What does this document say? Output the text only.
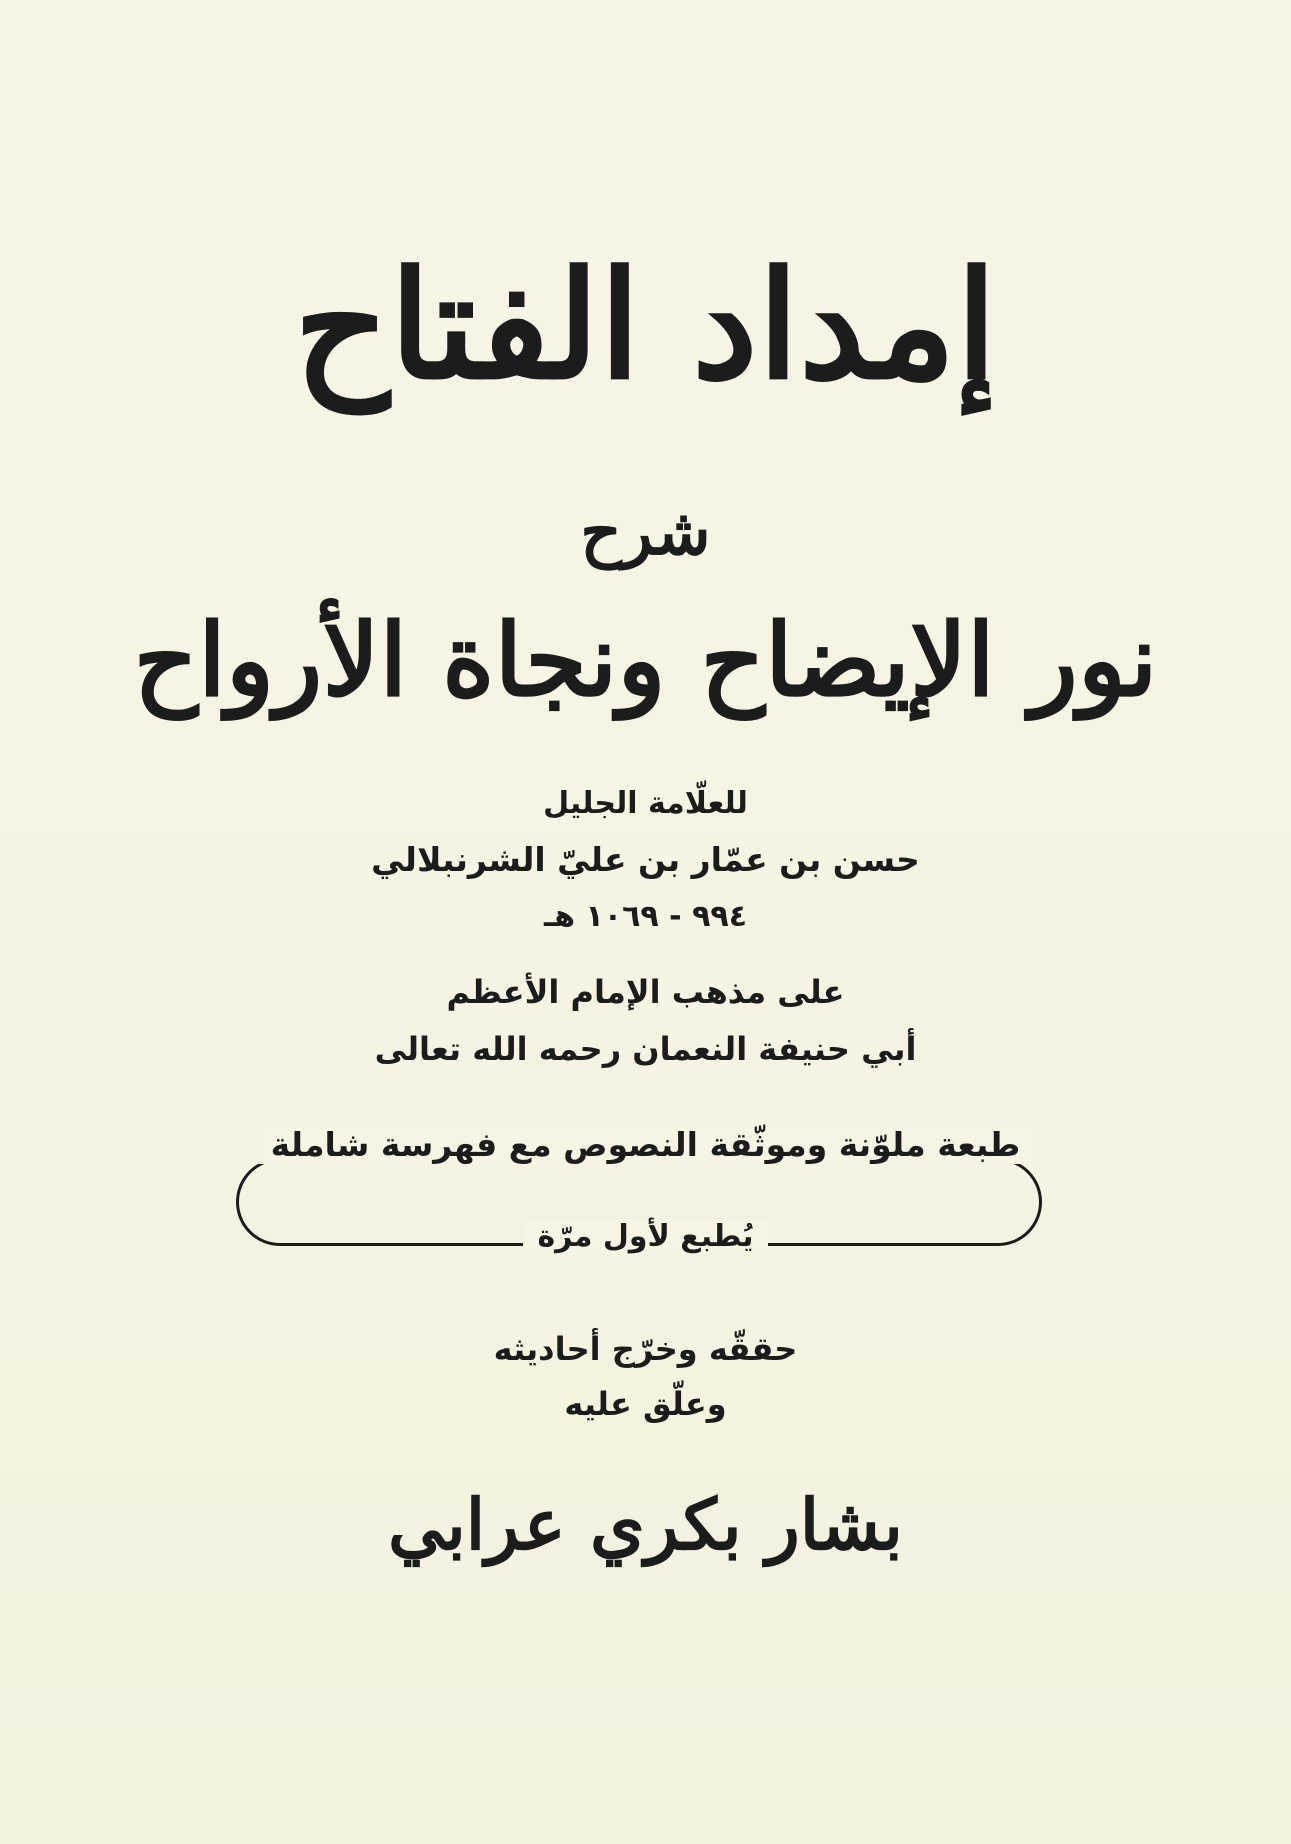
إمداد الفتاح
شرح
نور الإيضاح ونجاة الأرواح
للعلّامة الجليل
حسن بن عمّار بن عليّ الشرنبلالي
٩٩٤ - ١٠٦٩ هـ
على مذهب الإمام الأعظم
أبي حنيفة النعمان رحمه الله تعالى
طبعة ملوّنة وموثّقة النصوص مع فهرسة شاملة
يُطبع لأول مرّة
حققّه وخرّج أحاديثه
وعلّق عليه
بشار بكري عرابي
